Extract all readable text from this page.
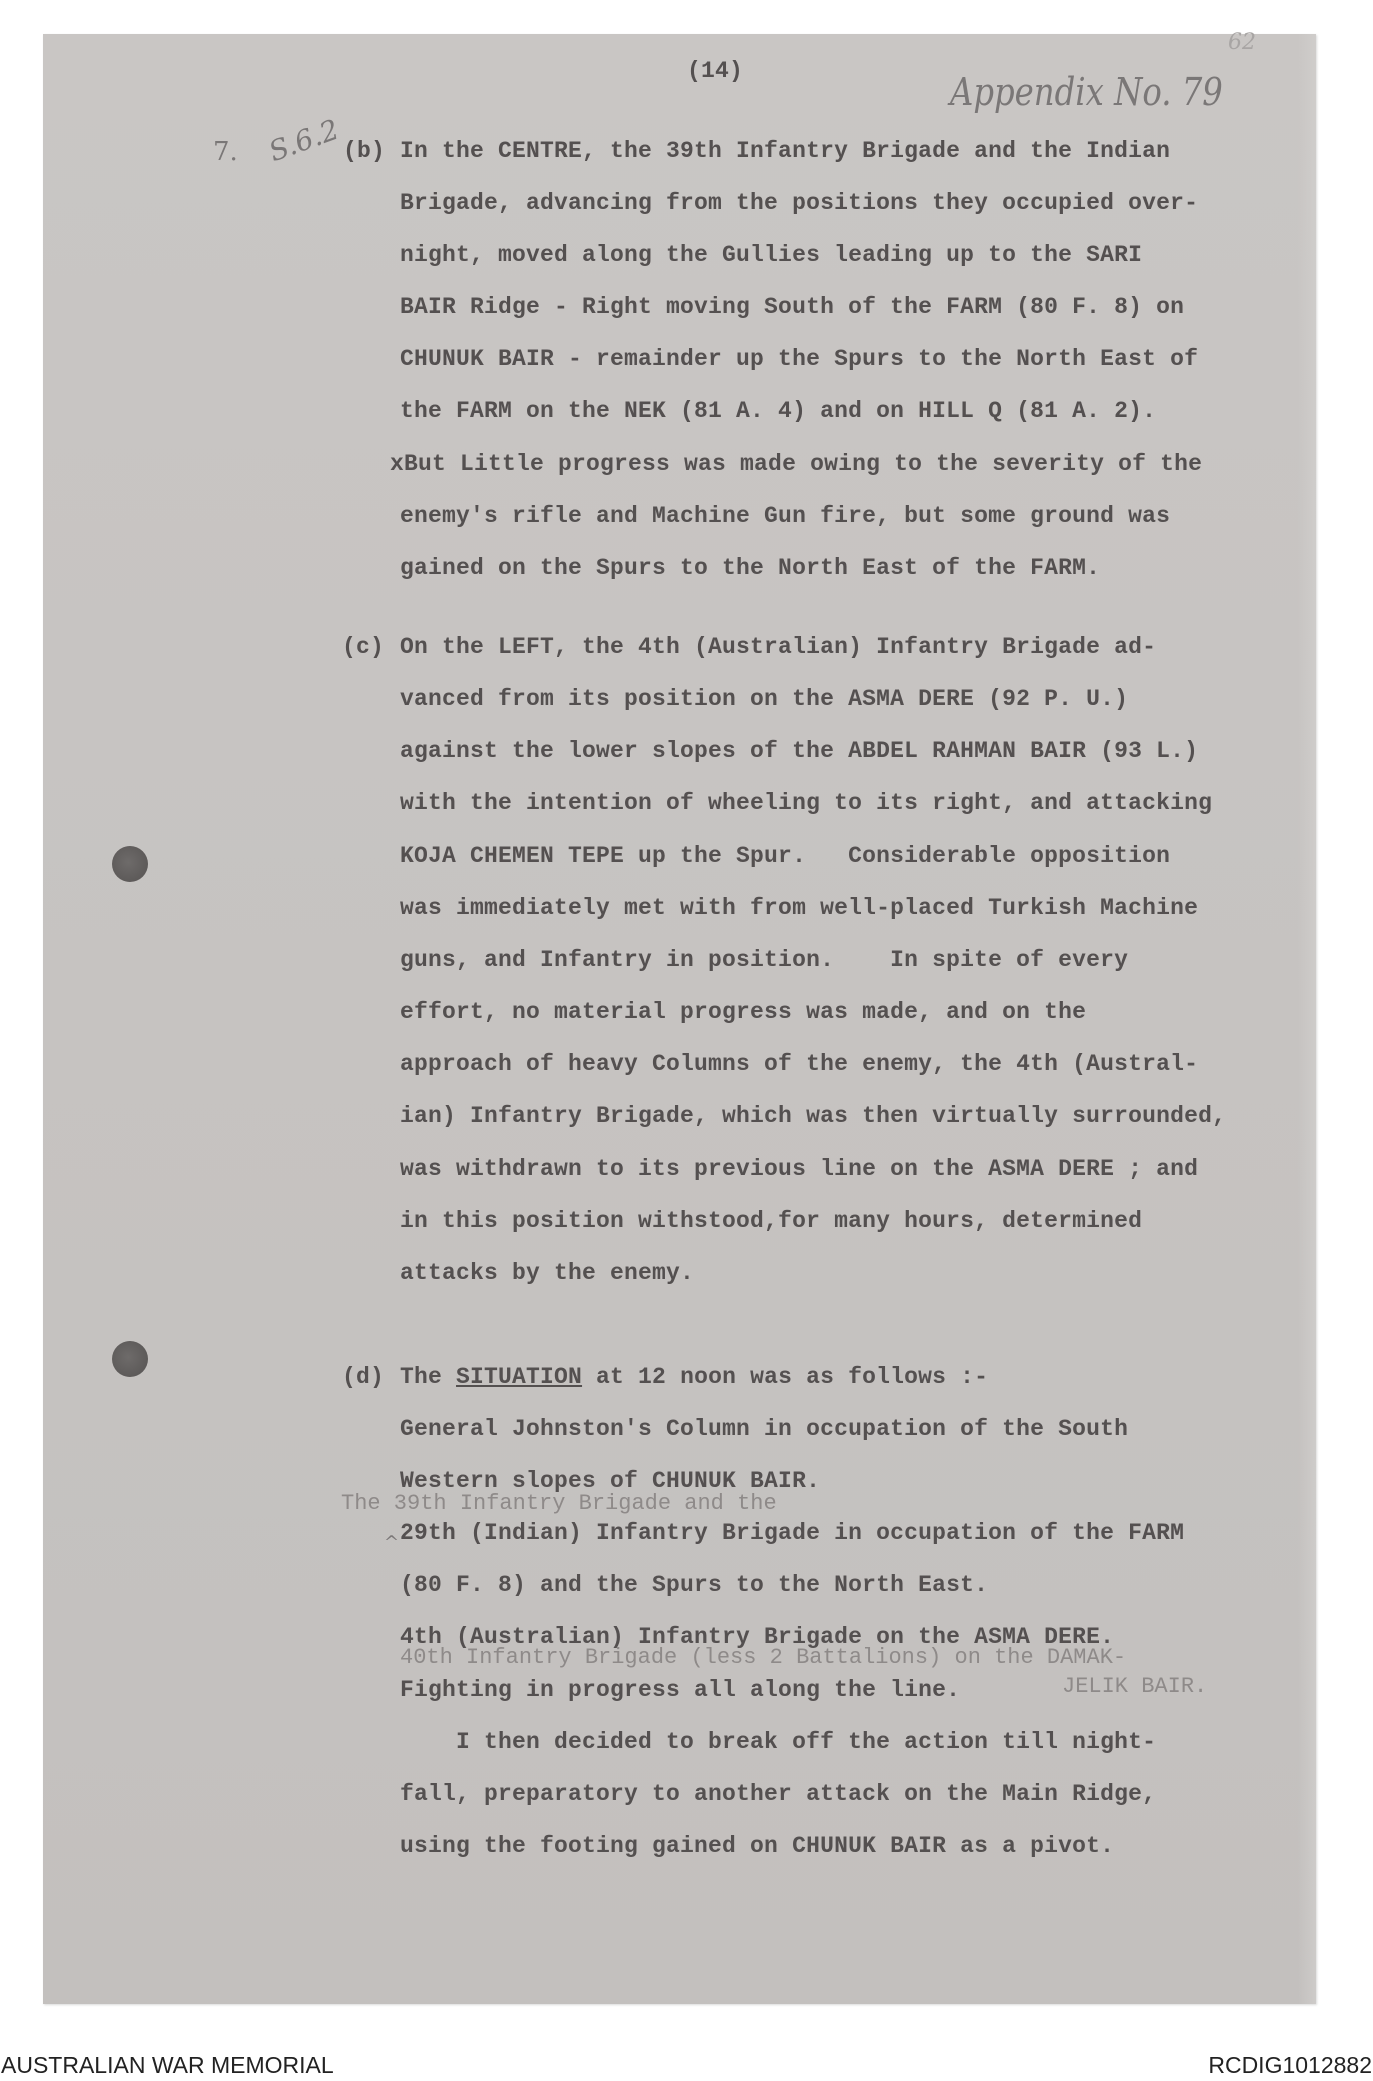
(14)	Appendix No. 79
62
7. S.6.2 (b) In the CENTRE, the 39th Infantry Brigade and the Indian
Brigade, advancing from the positions they occupied over-
night, moved along the Gullies leading up to the SARI
BAIR Ridge - Right moving South of the FARM (80 F. 8) on
CHUNUK BAIR - remainder up the Spurs to the North East of
the FARM on the NEK (81 A. 4) and on HILL Q (81 A. 2).
xBut Little progress was made owing to the severity of the
enemy's rifle and Machine Gun fire, but some ground was
gained on the Spurs to the North East of the FARM.
(c) On the LEFT, the 4th (Australian) Infantry Brigade ad-
vanced from its position on the ASMA DERE (92 P. U.)
against the lower slopes of the ABDEL RAHMAN BAIR (93 L.)
with the intention of wheeling to its right, and attacking
KOJA CHEMEN TEPE up the Spur.   Considerable opposition
was immediately met with from well-placed Turkish Machine
guns, and Infantry in position.    In spite of every
effort, no material progress was made, and on the
approach of heavy Columns of the enemy, the 4th (Austral-
ian) Infantry Brigade, which was then virtually surrounded,
was withdrawn to its previous line on the ASMA DERE ; and
in this position withstood,for many hours, determined
attacks by the enemy.
(d) The SITUATION at 12 noon was as follows :-
General Johnston's Column in occupation of the South
Western slopes of CHUNUK BAIR.
The 39th Infantry Brigade and the
^ 29th (Indian) Infantry Brigade in occupation of the FARM
(80 F. 8) and the Spurs to the North East.
4th (Australian) Infantry Brigade on the ASMA DERE.
40th Infantry Brigade (less 2 Battalions) on the DAMAK-
JELIK BAIR.
Fighting in progress all along the line.
I then decided to break off the action till night-
fall, preparatory to another attack on the Main Ridge,
using the footing gained on CHUNUK BAIR as a pivot.
AUSTRALIAN WAR MEMORIAL	RCDIG1012882
